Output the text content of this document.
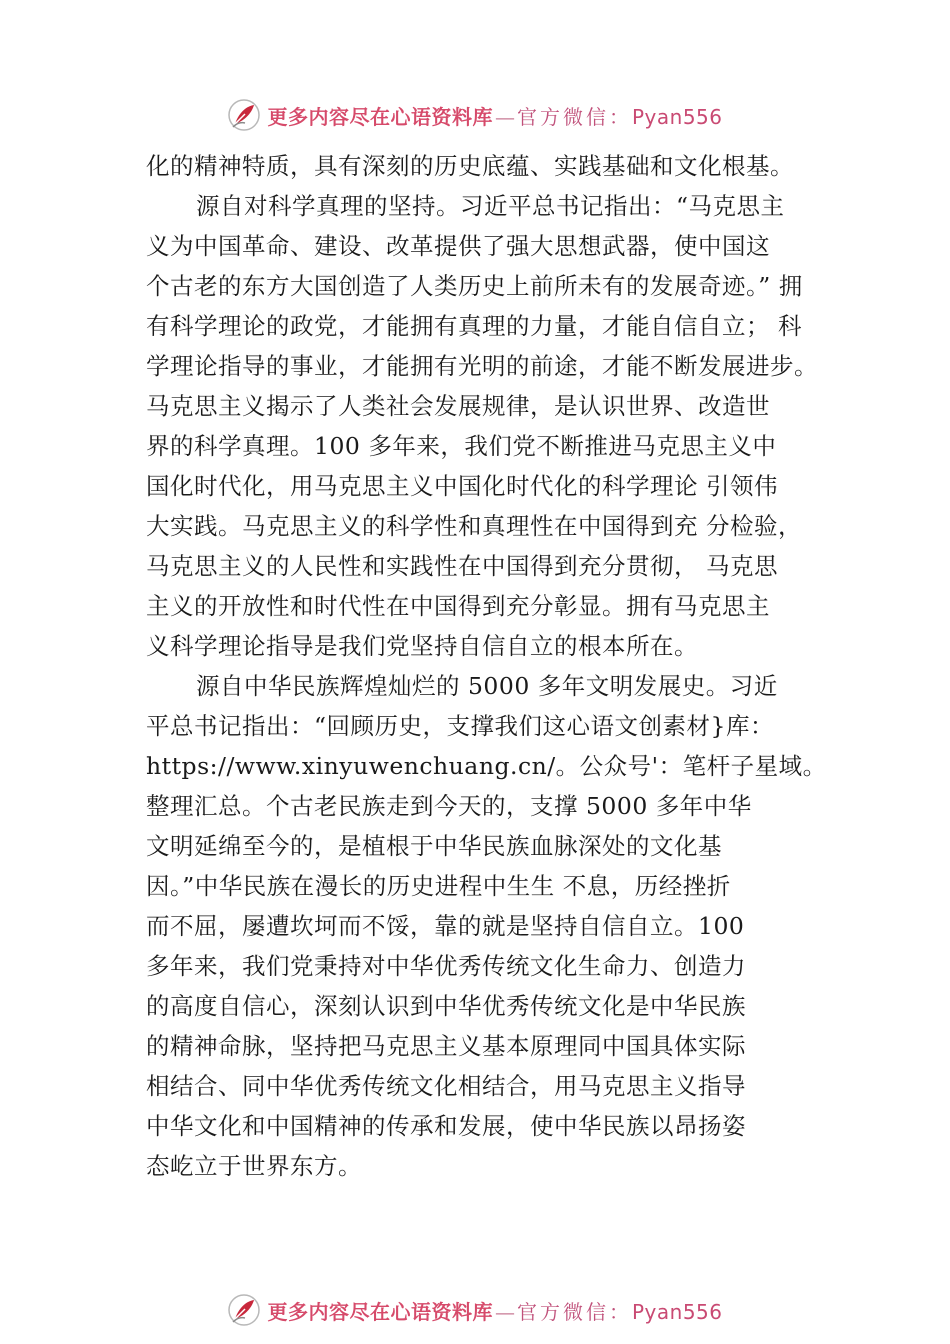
更多内容尽在心语资料库 — 官方微信： Pyan556
化的精神特质，具有深刻的历史底蕴、实践基础和文化根基。
源自对科学真理的坚持。习近平总书记指出：“马克思主
义为中国革命、建设、改革提供了强大思想武器，使中国这
个古老的东方大国创造了人类历史上前所未有的发展奇迹。” 拥
有科学理论的政党，才能拥有真理的力量，才能自信自立； 科
学理论指导的事业，才能拥有光明的前途，才能不断发展进步。
马克思主义揭示了人类社会发展规律，是认识世界、改造世
界的科学真理。100 多年来，我们党不断推进马克思主义中
国化时代化，用马克思主义中国化时代化的科学理论 引领伟
大实践。马克思主义的科学性和真理性在中国得到充 分检验，
马克思主义的人民性和实践性在中国得到充分贯彻， 马克思
主义的开放性和时代性在中国得到充分彰显。拥有马克思主
义科学理论指导是我们党坚持自信自立的根本所在。
源自中华民族辉煌灿烂的 5000 多年文明发展史。习近
平总书记指出：“回顾历史，支撑我们这心语文创素材}库：
https://www.xinyuwenchuang.cn/。公众号'：笔杆子星域。
整理汇总。个古老民族走到今天的，支撑 5000 多年中华
文明延绵至今的，是植根于中华民族血脉深处的文化基
因。”中华民族在漫长的历史进程中生生 不息，历经挫折
而不屈，屡遭坎坷而不馁，靠的就是坚持自信自立。100
多年来，我们党秉持对中华优秀传统文化生命力、创造力
的高度自信心，深刻认识到中华优秀传统文化是中华民族
的精神命脉，坚持把马克思主义基本原理同中国具体实际
相结合、同中华优秀传统文化相结合，用马克思主义指导
中华文化和中国精神的传承和发展，使中华民族以昂扬姿
态屹立于世界东方。
更多内容尽在心语资料库 — 官方微信： Pyan556
